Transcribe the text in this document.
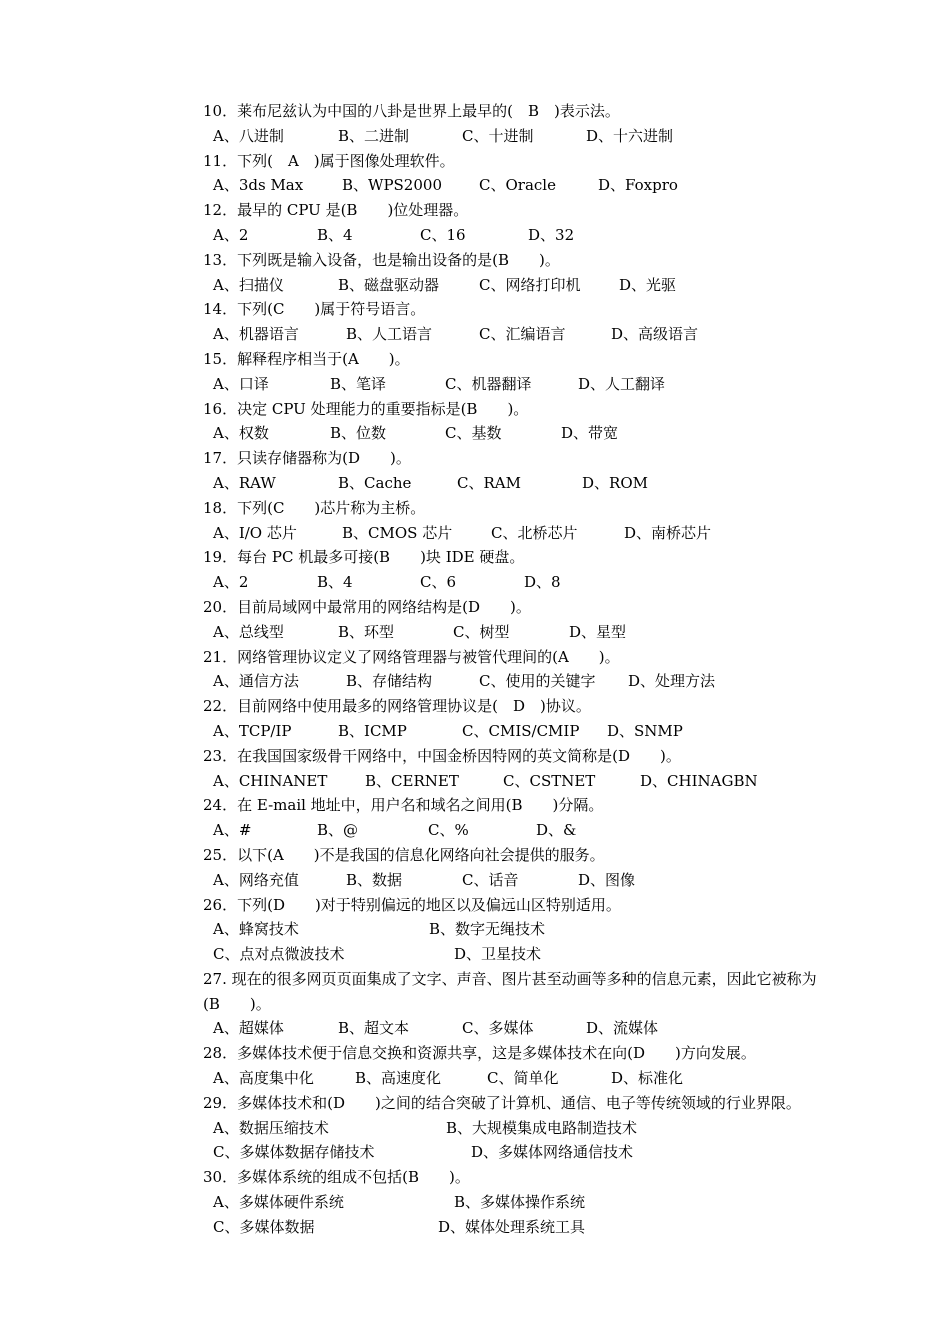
10．莱布尼兹认为中国的八卦是世界上最早的(　B　)表示法。
A、八进制	B、二进制	C、十进制	D、十六进制
11．下列(　A　)属于图像处理软件。
A、3ds Max	B、WPS2000 C、Oracle	D、Foxpro
12．最早的 CPU 是(B　　)位处理器。
A、2	B、4	C、16	D、32
13．下列既是输入设备，也是输出设备的是(B　　)。
A、扫描仪	B、磁盘驱动器	C、网络打印机	D、光驱
14．下列(C　　)属于符号语言。
A、机器语言	B、人工语言	C、汇编语言	D、高级语言
15．解释程序相当于(A　　)。
A、口译	B、笔译	C、机器翻译	D、人工翻译
16．决定 CPU 处理能力的重要指标是(B　　)。
A、权数	B、位数	C、基数	D、带宽
17．只读存储器称为(D　　)。
A、RAW	B、Cache	C、RAM	D、ROM
18．下列(C　　)芯片称为主桥。
A、I/O 芯片	B、CMOS 芯片	C、北桥芯片	D、南桥芯片
19．每台 PC 机最多可接(B　　)块 IDE 硬盘。
A、2	B、4	C、6	D、8
20．目前局域网中最常用的网络结构是(D　　)。
A、总线型	B、环型	C、树型	D、星型
21．网络管理协议定义了网络管理器与被管代理间的(A　　)。
A、通信方法	B、存储结构	C、使用的关键字 D、处理方法
22．目前网络中使用最多的网络管理协议是(　D　)协议。
A、TCP/IP	B、ICMP	C、CMIS/CMIP D、SNMP
23．在我国国家级骨干网络中，中国金桥因特网的英文简称是(D　　)。
A、CHINANET	B、CERNET	C、CSTNET	D、CHINAGBN
24．在 E-mail 地址中，用户名和域名之间用(B　　)分隔。
A、#	B、@	C、%	D、&
25．以下(A　　)不是我国的信息化网络向社会提供的服务。
A、网络充值	B、数据	C、话音	D、图像
26．下列(D　　)对于特别偏远的地区以及偏远山区特别适用。
A、蜂窝技术	B、数字无绳技术
C、点对点微波技术	D、卫星技术
27. 现在的很多网页页面集成了文字、声音、图片甚至动画等多种的信息元素，因此它被称为(B　　)。
A、超媒体	B、超文本	C、多媒体	D、流媒体
28．多媒体技术便于信息交换和资源共享，这是多媒体技术在向(D　　)方向发展。
A、高度集中化	B、高速度化	C、简单化	D、标准化
29．多媒体技术和(D　　)之间的结合突破了计算机、通信、电子等传统领域的行业界限。
A、数据压缩技术	B、大规模集成电路制造技术
C、多媒体数据存储技术	D、多媒体网络通信技术
30．多媒体系统的组成不包括(B　　)。
A、多媒体硬件系统	B、多媒体操作系统
C、多媒体数据	D、媒体处理系统工具
